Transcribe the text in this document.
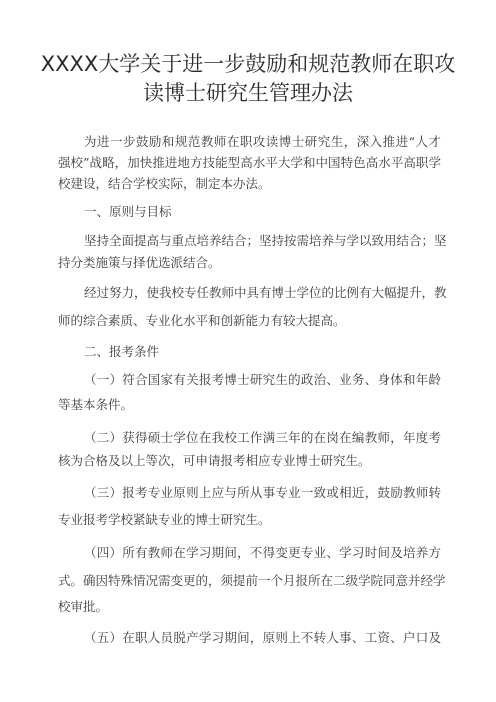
XXXX大学关于进一步鼓励和规范教师在职攻
读博士研究生管理办法

为进一步鼓励和规范教师在职攻读博士研究生，深入推进“人才

强校”战略，加快推进地方技能型高水平大学和中国特色高水平高职学

校建设，结合学校实际，制定本办法。

一、原则与目标

坚持全面提高与重点培养结合；坚持按需培养与学以致用结合；坚

持分类施策与择优选派结合。

经过努力，使我校专任教师中具有博士学位的比例有大幅提升，教

师的综合素质、专业化水平和创新能力有较大提高。

二、报考条件

（一）符合国家有关报考博士研究生的政治、业务、身体和年龄

等基本条件。

（二）获得硕士学位在我校工作满三年的在岗在编教师，年度考

核为合格及以上等次，可申请报考相应专业博士研究生。

（三）报考专业原则上应与所从事专业一致或相近，鼓励教师转

专业报考学校紧缺专业的博士研究生。

（四）所有教师在学习期间，不得变更专业、学习时间及培养方

式。确因特殊情况需变更的，须提前一个月报所在二级学院同意并经学

校审批。

（五）在职人员脱产学习期间，原则上不转人事、工资、户口及
